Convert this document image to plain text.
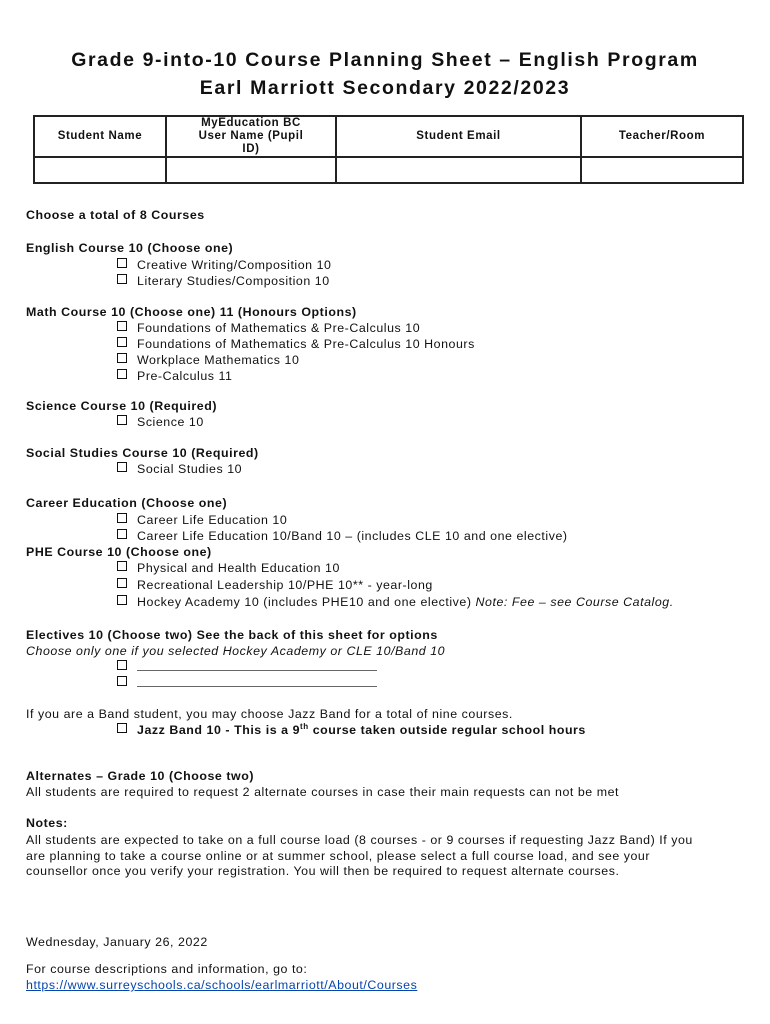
Grade 9-into-10 Course Planning Sheet – English Program
Earl Marriott Secondary 2022/2023
Student Name	MyEducation BC User Name (Pupil ID)	Student Email	Teacher/Room

Choose a total of 8 Courses
English Course 10 (Choose one)
Creative Writing/Composition 10
Literary Studies/Composition 10
Math Course 10 (Choose one) 11 (Honours Options)
Foundations of Mathematics & Pre-Calculus 10
Foundations of Mathematics & Pre-Calculus 10 Honours
Workplace Mathematics 10
Pre-Calculus 11
Science Course 10 (Required)
Science 10
Social Studies Course 10 (Required)
Social Studies 10
Career Education (Choose one)
Career Life Education 10
Career Life Education 10/Band 10 – (includes CLE 10 and one elective)
PHE Course 10 (Choose one)
Physical and Health Education 10
Recreational Leadership 10/PHE 10** - year-long
Hockey Academy 10 (includes PHE10 and one elective) Note: Fee – see Course Catalog.
Electives 10 (Choose two) See the back of this sheet for options
Choose only one if you selected Hockey Academy or CLE 10/Band 10
If you are a Band student, you may choose Jazz Band for a total of nine courses.
Jazz Band 10 - This is a 9th course taken outside regular school hours
Alternates – Grade 10 (Choose two)
All students are required to request 2 alternate courses in case their main requests can not be met
Notes:
All students are expected to take on a full course load (8 courses - or 9 courses if requesting Jazz Band) If you
are planning to take a course online or at summer school, please select a full course load, and see your
counsellor once you verify your registration. You will then be required to request alternate courses.
Wednesday, January 26, 2022
For course descriptions and information, go to:
https://www.surreyschools.ca/schools/earlmarriott/About/Courses
